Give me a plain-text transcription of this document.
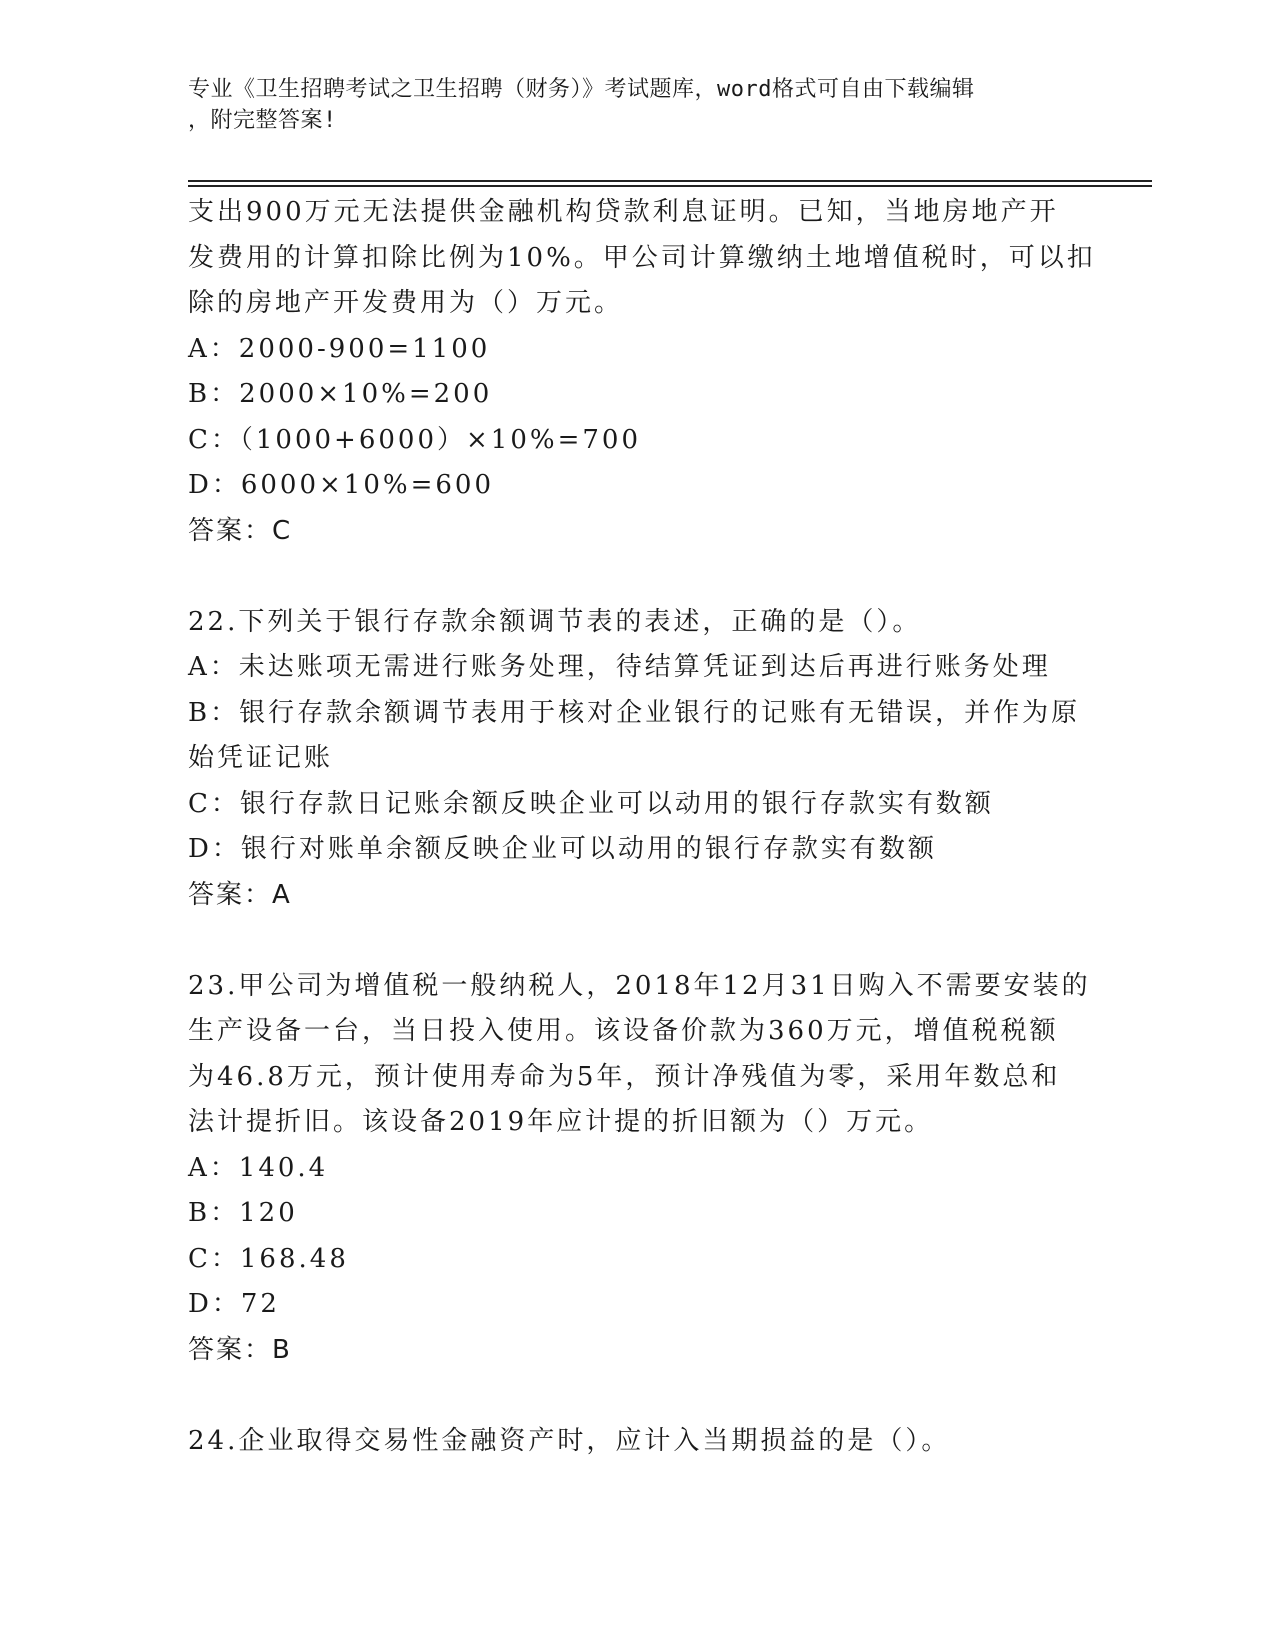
专业《卫生招聘考试之卫生招聘（财务）》考试题库，word格式可自由下载编辑
，附完整答案!
支出900万元无法提供金融机构贷款利息证明。已知，当地房地产开
发费用的计算扣除比例为10%。甲公司计算缴纳土地增值税时，可以扣
除的房地产开发费用为（）万元。
A：2000-900=1100
B：2000×10%=200
C：（1000+6000）×10%=700
D：6000×10%=600
答案：C
22.下列关于银行存款余额调节表的表述，正确的是（）。
A：未达账项无需进行账务处理，待结算凭证到达后再进行账务处理
B：银行存款余额调节表用于核对企业银行的记账有无错误，并作为原
始凭证记账
C：银行存款日记账余额反映企业可以动用的银行存款实有数额
D：银行对账单余额反映企业可以动用的银行存款实有数额
答案：A
23.甲公司为增值税一般纳税人，2018年12月31日购入不需要安装的
生产设备一台，当日投入使用。该设备价款为360万元，增值税税额
为46.8万元，预计使用寿命为5年，预计净残值为零，采用年数总和
法计提折旧。该设备2019年应计提的折旧额为（）万元。
A：140.4
B：120
C：168.48
D：72
答案：B
24.企业取得交易性金融资产时，应计入当期损益的是（）。
